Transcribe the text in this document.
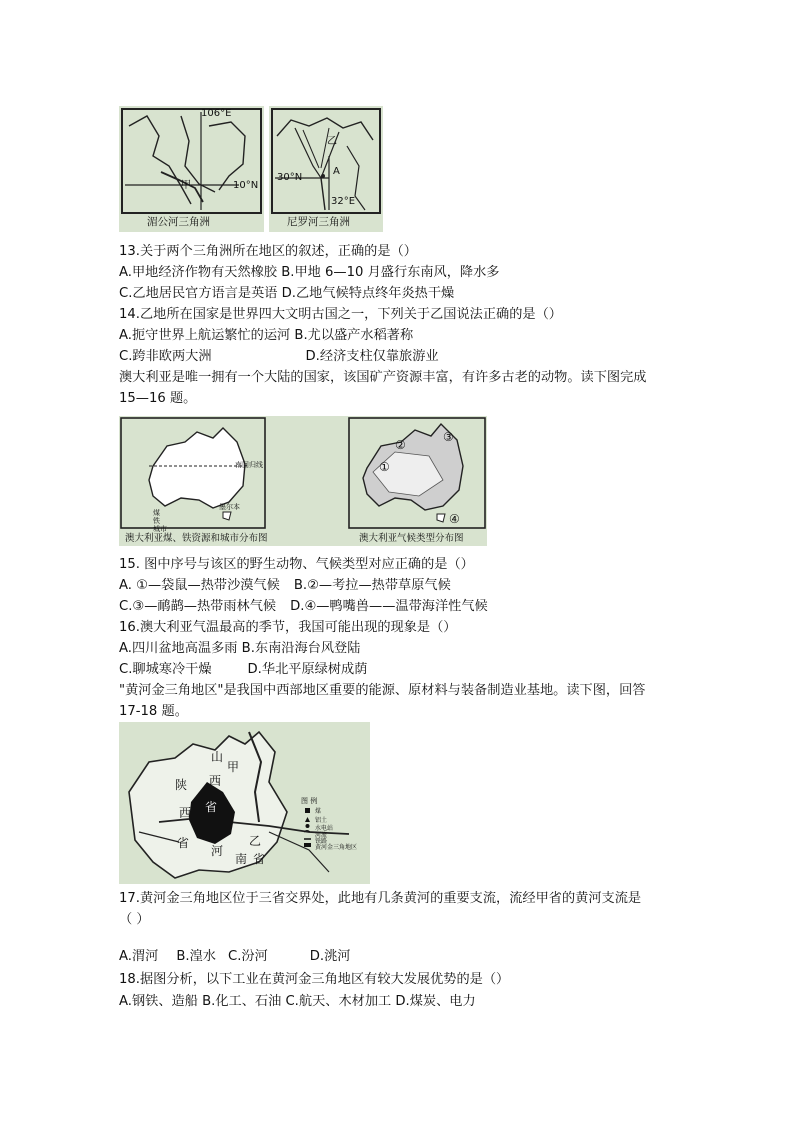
106°E
甲	10°N
湄公河三角洲
乙
30°N
A
32°E
尼罗河三角洲
13.关于两个三角洲所在地区的叙述，正确的是（）
A.甲地经济作物有天然橡胶 B.甲地 6—10 月盛行东南风，降水多
C.乙地居民官方语言是英语 D.乙地气候特点终年炎热干燥
14.乙地所在国家是世界四大文明古国之一，下列关于乙国说法正确的是（）
A.扼守世界上航运繁忙的运河 B.尤以盛产水稻著称
C.跨非欧两大洲	D.经济支柱仅靠旅游业
澳大利亚是唯一拥有一个大陆的国家，该国矿产资源丰富，有许多古老的动物。读下图完成
15—16 题。
南回归线
墨尔本
煤
铁
城市
①
②
③
④
澳大利亚煤、铁资源和城市分布图	澳大利亚气候类型分布图
15. 图中序号与该区的野生动物、气候类型对应正确的是（）
A. ①—袋鼠—热带沙漠气候 B.②—考拉—热带草原气候
C.③—鸸鹋—热带雨林气候 D.④—鸭嘴兽——温带海洋性气候
16.澳大利亚气温最高的季节，我国可能出现的现象是（）
A.四川盆地高温多雨 B.东南沿海台风登陆
C.聊城寒冷干燥	D.华北平原绿树成荫
"黄河金三角地区"是我国中西部地区重要的能源、原材料与装备制造业基地。读下图，回答
17-18 题。
山
甲
西
省
陕
西
省
河
南
乙
省
图 例
煤
铝土
水电站
河流
铁路
黄河金三角地区
17.黄河金三角地区位于三省交界处，此地有几条黄河的重要支流，流经甲省的黄河支流是
（ ）
A.渭河 B.湟水 C.汾河	D.洮河
18.据图分析，以下工业在黄河金三角地区有较大发展优势的是（）
A.钢铁、造船 B.化工、石油 C.航天、木材加工 D.煤炭、电力
